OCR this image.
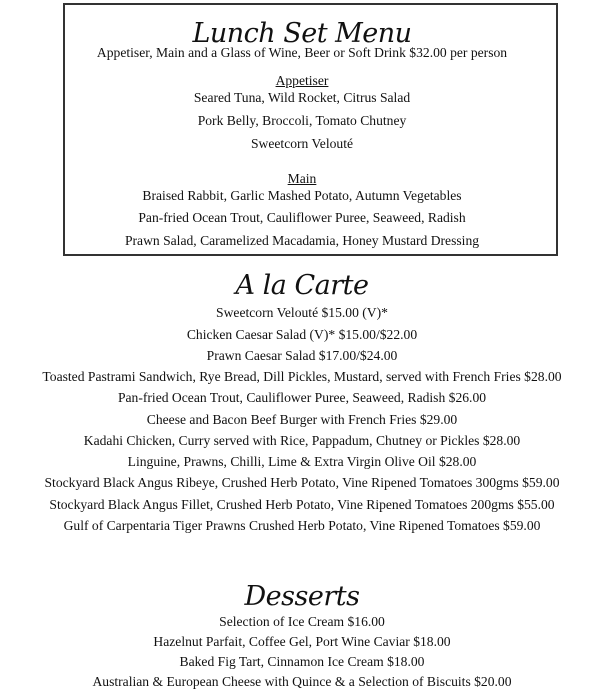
Lunch Set Menu
Appetiser, Main and a Glass of Wine, Beer or Soft Drink $32.00 per person
Appetiser
Seared Tuna, Wild Rocket, Citrus Salad
Pork Belly, Broccoli, Tomato Chutney
Sweetcorn Velouté
Main
Braised Rabbit, Garlic Mashed Potato, Autumn Vegetables
Pan-fried Ocean Trout, Cauliflower Puree, Seaweed, Radish
Prawn Salad, Caramelized Macadamia, Honey Mustard Dressing
A la Carte
Sweetcorn Velouté $15.00 (V)*
Chicken Caesar Salad (V)* $15.00/$22.00
Prawn Caesar Salad $17.00/$24.00
Toasted Pastrami Sandwich, Rye Bread, Dill Pickles, Mustard, served with French Fries $28.00
Pan-fried Ocean Trout, Cauliflower Puree, Seaweed, Radish $26.00
Cheese and Bacon Beef Burger with French Fries $29.00
Kadahi Chicken, Curry served with Rice, Pappadum, Chutney or Pickles $28.00
Linguine, Prawns, Chilli, Lime & Extra Virgin Olive Oil $28.00
Stockyard Black Angus Ribeye, Crushed Herb Potato, Vine Ripened Tomatoes 300gms $59.00
Stockyard Black Angus Fillet, Crushed Herb Potato, Vine Ripened Tomatoes 200gms $55.00
Gulf of Carpentaria Tiger Prawns Crushed Herb Potato, Vine Ripened Tomatoes $59.00
Desserts
Selection of Ice Cream $16.00
Hazelnut Parfait, Coffee Gel, Port Wine Caviar $18.00
Baked Fig Tart, Cinnamon Ice Cream $18.00
Australian & European Cheese with Quince & a Selection of Biscuits $20.00
